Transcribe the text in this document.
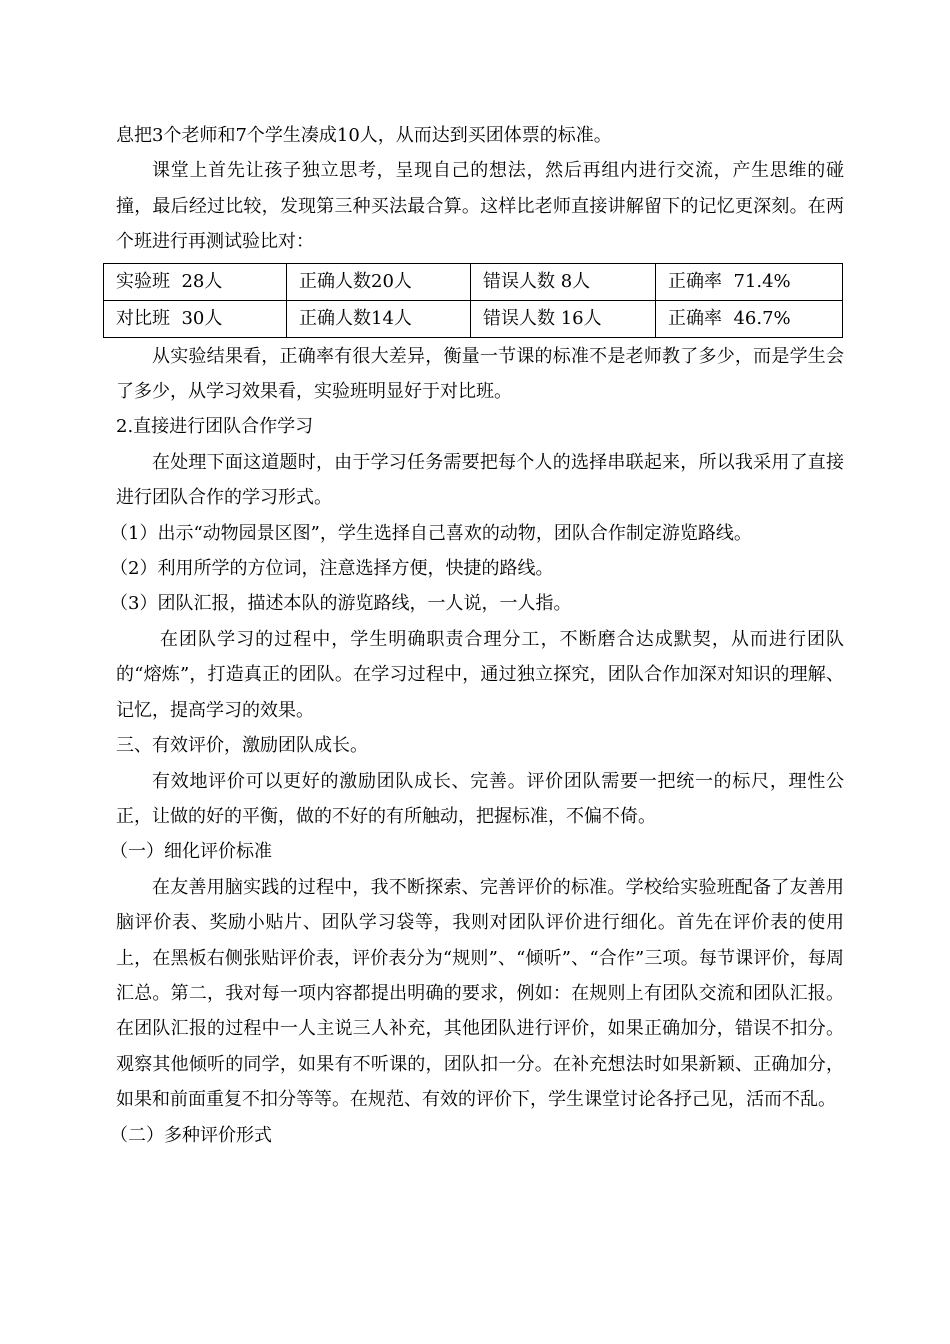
息把3个老师和7个学生凑成10人，从而达到买团体票的标准。

课堂上首先让孩子独立思考，呈现自己的想法，然后再组内进行交流，产生思维的碰撞，最后经过比较，发现第三种买法最合算。这样比老师直接讲解留下的记忆更深刻。在两个班进行再测试验比对：

实验班  28人	正确人数20人	错误人数 8人	正确率  71.4%
对比班  30人	正确人数14人	错误人数 16人	正确率  46.7%

从实验结果看，正确率有很大差异，衡量一节课的标准不是老师教了多少，而是学生会了多少，从学习效果看，实验班明显好于对比班。

2.直接进行团队合作学习

在处理下面这道题时，由于学习任务需要把每个人的选择串联起来，所以我采用了直接进行团队合作的学习形式。

（1）出示“动物园景区图”，学生选择自己喜欢的动物，团队合作制定游览路线。

（2）利用所学的方位词，注意选择方便，快捷的路线。

（3）团队汇报，描述本队的游览路线，一人说，一人指。

在团队学习的过程中，学生明确职责合理分工，不断磨合达成默契，从而进行团队的“熔炼”，打造真正的团队。在学习过程中，通过独立探究，团队合作加深对知识的理解、记忆，提高学习的效果。

三、有效评价，激励团队成长。

有效地评价可以更好的激励团队成长、完善。评价团队需要一把统一的标尺，理性公正，让做的好的平衡，做的不好的有所触动，把握标准，不偏不倚。

（一）细化评价标准

在友善用脑实践的过程中，我不断探索、完善评价的标准。学校给实验班配备了友善用脑评价表、奖励小贴片、团队学习袋等，我则对团队评价进行细化。首先在评价表的使用上，在黑板右侧张贴评价表，评价表分为“规则”、“倾听”、“合作”三项。每节课评价，每周汇总。第二，我对每一项内容都提出明确的要求，例如：在规则上有团队交流和团队汇报。在团队汇报的过程中一人主说三人补充，其他团队进行评价，如果正确加分，错误不扣分。观察其他倾听的同学，如果有不听课的，团队扣一分。在补充想法时如果新颖、正确加分，如果和前面重复不扣分等等。在规范、有效的评价下，学生课堂讨论各抒己见，活而不乱。

（二）多种评价形式
